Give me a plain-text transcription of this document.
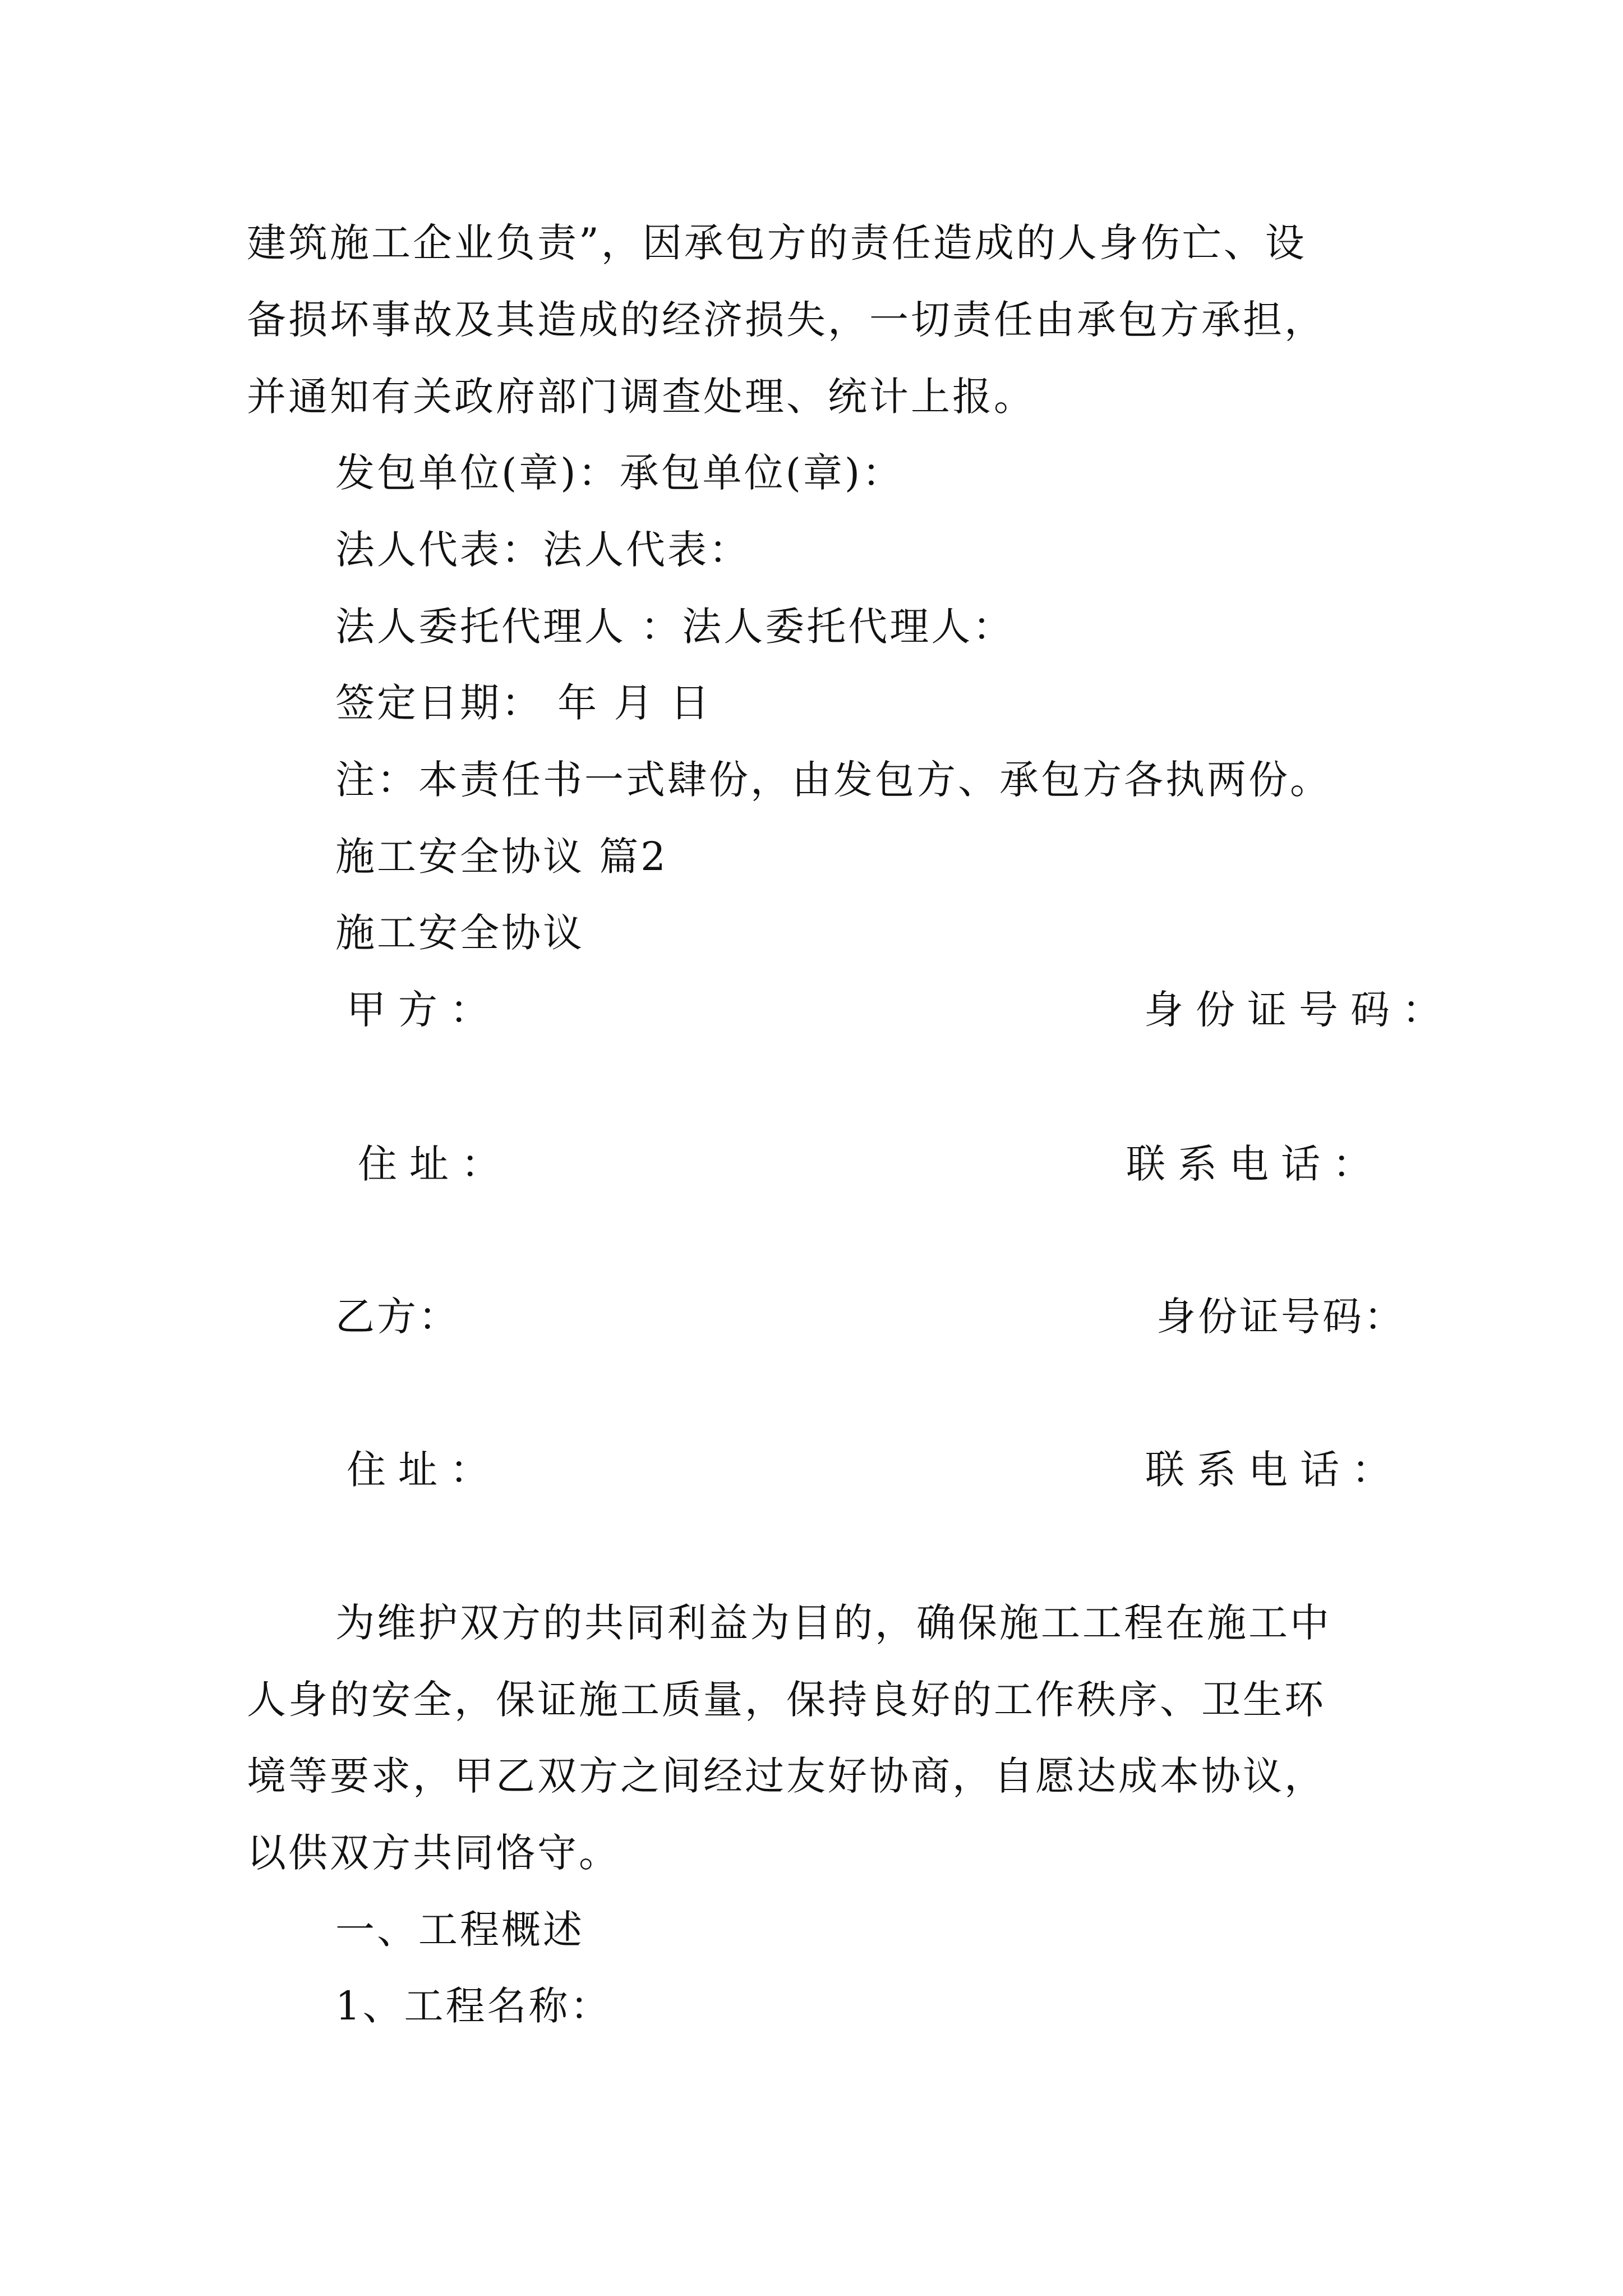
建筑施工企业负责”，因承包方的责任造成的人身伤亡、设
备损坏事故及其造成的经济损失，一切责任由承包方承担，
并通知有关政府部门调查处理、统计上报。
发包单位(章)：承包单位(章)：
法人代表：法人代表：
法人委托代理人 ：法人委托代理人：
签定日期： 年 月 日
注：本责任书一式肆份，由发包方、承包方各执两份。
施工安全协议 篇2
施工安全协议
甲方：	身份证号码：
住址：	联系电话：
乙方：	身份证号码：
住址：	联系电话：
为维护双方的共同利益为目的，确保施工工程在施工中
人身的安全，保证施工质量，保持良好的工作秩序、卫生环
境等要求，甲乙双方之间经过友好协商，自愿达成本协议，
以供双方共同恪守。
一、工程概述
1、工程名称：
